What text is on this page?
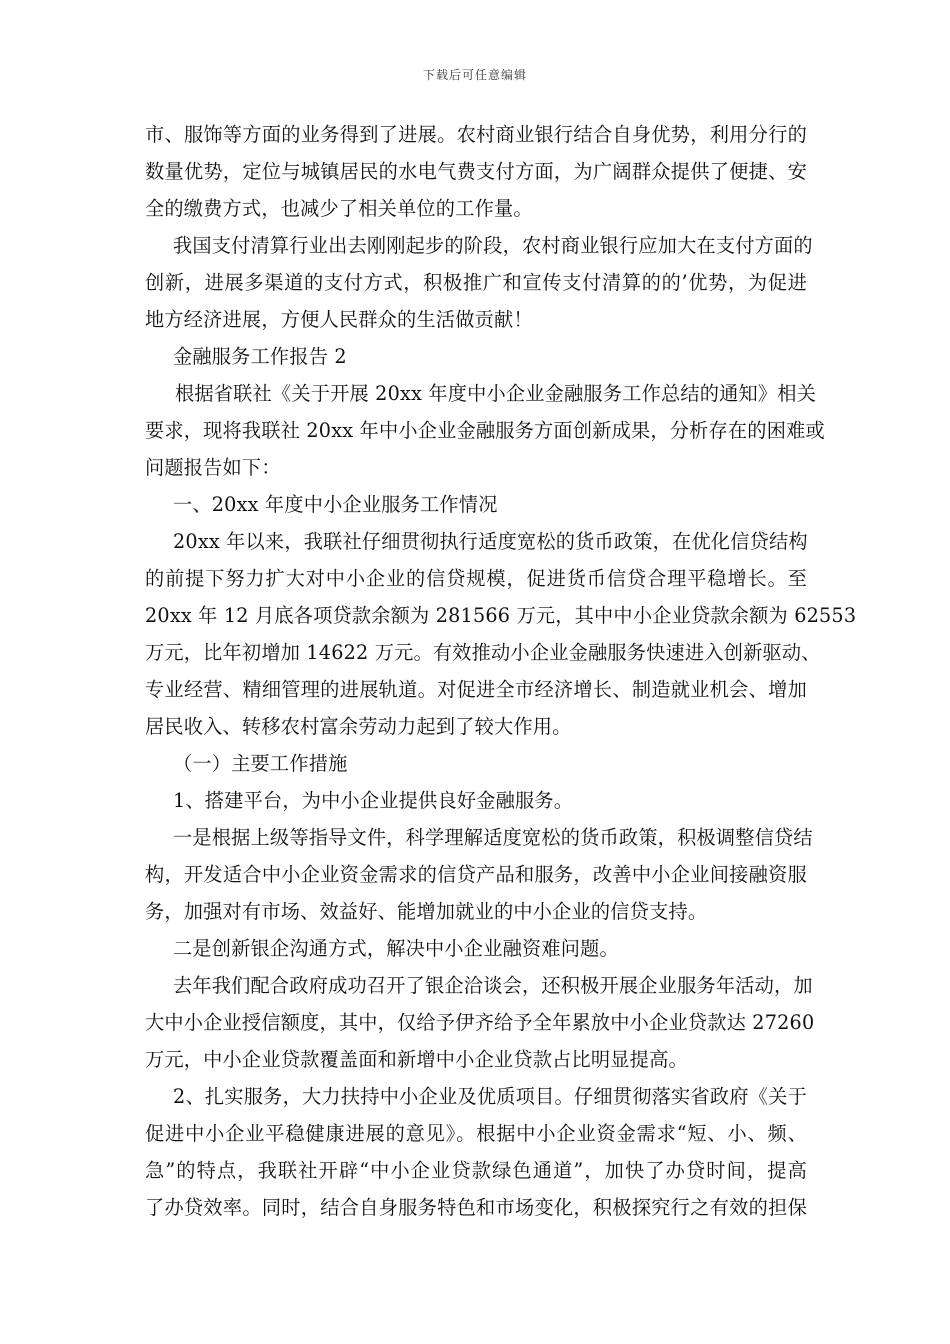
下载后可任意编辑
市、服饰等方面的业务得到了进展。农村商业银行结合自身优势，利用分行的
数量优势，定位与城镇居民的水电气费支付方面，为广阔群众提供了便捷、安
全的缴费方式，也减少了相关单位的工作量。
我国支付清算行业出去刚刚起步的阶段，农村商业银行应加大在支付方面的
创新，进展多渠道的支付方式，积极推广和宣传支付清算的的’优势，为促进
地方经济进展，方便人民群众的生活做贡献！
金融服务工作报告 2
根据省联社《关于开展 20xx 年度中小企业金融服务工作总结的通知》相关
要求，现将我联社 20xx 年中小企业金融服务方面创新成果，分析存在的困难或
问题报告如下：
一、20xx 年度中小企业服务工作情况
20xx 年以来，我联社仔细贯彻执行适度宽松的货币政策，在优化信贷结构
的前提下努力扩大对中小企业的信贷规模，促进货币信贷合理平稳增长。至
20xx 年 12 月底各项贷款余额为 281566 万元，其中中小企业贷款余额为 62553
万元，比年初增加 14622 万元。有效推动小企业金融服务快速进入创新驱动、
专业经营、精细管理的进展轨道。对促进全市经济增长、制造就业机会、增加
居民收入、转移农村富余劳动力起到了较大作用。
（一）主要工作措施
1、搭建平台，为中小企业提供良好金融服务。
一是根据上级等指导文件，科学理解适度宽松的货币政策，积极调整信贷结
构，开发适合中小企业资金需求的信贷产品和服务，改善中小企业间接融资服
务，加强对有市场、效益好、能增加就业的中小企业的信贷支持。
二是创新银企沟通方式，解决中小企业融资难问题。
去年我们配合政府成功召开了银企洽谈会，还积极开展企业服务年活动，加
大中小企业授信额度，其中，仅给予伊齐给予全年累放中小企业贷款达 27260
万元，中小企业贷款覆盖面和新增中小企业贷款占比明显提高。
2、扎实服务，大力扶持中小企业及优质项目。仔细贯彻落实省政府《关于
促进中小企业平稳健康进展的意见》。根据中小企业资金需求“短、小、频、
急”的特点，我联社开辟“中小企业贷款绿色通道”，加快了办贷时间，提高
了办贷效率。同时，结合自身服务特色和市场变化，积极探究行之有效的担保
